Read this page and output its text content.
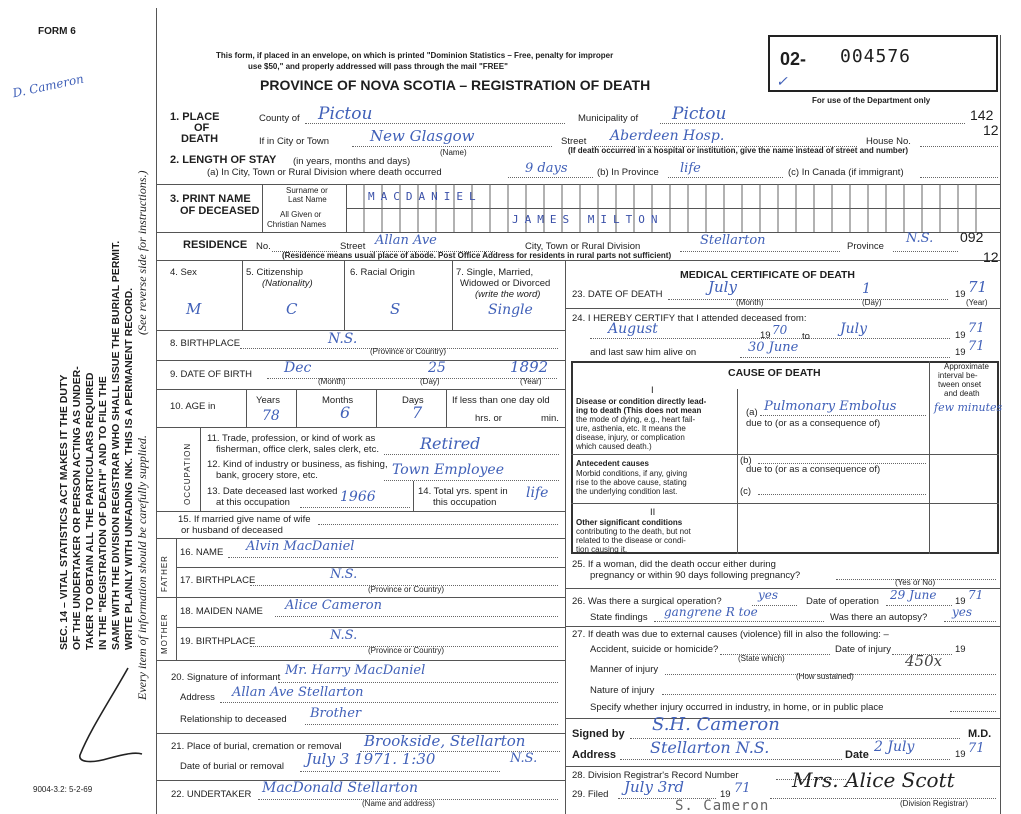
FORM 6
D. Cameron
SEC. 14 – VITAL STATISTICS ACT MAKES IT THE DUTY OF THE UNDERTAKER OR PERSON ACTING AS UNDER- TAKER TO OBTAIN ALL THE PARTICULARS REQUIRED IN THE "REGISTRATION OF DEATH" AND TO FILE THE SAME WITH THE DIVISION REGISTRAR WHO SHALL ISSUE THE BURIAL PERMIT. WRITE PLAINLY WITH UNFADING INK. THIS IS A PERMANENT RECORD. Every item of information should be carefully supplied.
(See reverse side for instructions.)
9004-3.2: 5-2-69
This form, if placed in an envelope, on which is printed "Dominion Statistics – Free, penalty for improper
use $50," and properly addressed will pass through the mail "FREE"
PROVINCE OF NOVA SCOTIA – REGISTRATION OF DEATH
02- 004576
✓
For use of the Department only
142
12
1. PLACE
OF
DEATH
County of Pictou	Municipality of Pictou
If in City or Town	New Glasgow
(Name)
Street Aberdeen Hosp.	House No.
(If death occurred in a hospital or institution, give the name instead of street and number)
2. LENGTH OF STAY (in years, months and days)
(a) In City, Town or Rural Division where death occurred	9 days	(b) In Province life	(c) In Canada (if immigrant)
3. PRINT NAME
OF DECEASED
Surname or
Last Name
All Given or
Christian Names
MACDANIEL
JAMES MILTON
RESIDENCE No.	Street Allan Ave	City, Town or Rural Division	Stellarton	Province
N.S. 092
12
(Residence means usual place of abode. Post Office Address for residents in rural parts not sufficient)
4. Sex
M
5. Citizenship
(Nationality)
C
6. Racial Origin
S
7. Single, Married,
Widowed or Divorced
(write the word)
Single
8. BIRTHPLACE	N.S.
(Province or Country)
9. DATE OF BIRTH Dec	25	1892
(Month)	(Day)	(Year)
10. AGE in
Years
78
Months
6
Days
7
If less than one day old
hrs. or	min.
OCCUPATION
11. Trade, profession, or kind of work as
fisherman, office clerk, sales clerk, etc.	Retired
12. Kind of industry or business, as fishing,
bank, grocery store, etc.	Town Employee
13. Date deceased last worked
at this occupation	1966	14. Total yrs. spent in
this occupation
life
15. If married give name of wife
or husband of deceased
FATHER
16. NAME Alvin MacDaniel
17. BIRTHPLACE	N.S.
(Province or Country)
MOTHER
18. MAIDEN NAME Alice Cameron
19. BIRTHPLACE	N.S.
(Province or Country)
20. Signature of informant Mr. Harry MacDaniel
Address Allan Ave Stellarton
Relationship to deceased Brother
21. Place of burial, cremation or removal Brookside, Stellarton
N.S.
Date of burial or removal July 3 1971. 1:30
22. UNDERTAKER MacDonald Stellarton
(Name and address)
MEDICAL CERTIFICATE OF DEATH
23. DATE OF DEATH	July	1	19 71
(Month)	(Day)	(Year)
24. I HEREBY CERTIFY that I attended deceased from:
August	19 70 to July	19 71
and last saw him alive on	30 June	19 71
CAUSE OF DEATH
Approximate
interval be-
tween onset
and death
I
Disease or condition directly lead-
ing to death (This does not mean
the mode of dying, e.g., heart fail-
ure, asthenia, etc. It means the
disease, injury, or complication
which caused death.)
(a) Pulmonary Embolus	few minutes
due to (or as a consequence of)
Antecedent causes
Morbid conditions, if any, giving
rise to the above cause, stating
the underlying condition last.
(b)
due to (or as a consequence of)
(c)
II
Other significant conditions
contributing to the death, but not
related to the disease or condi-
tion causing it.
25. If a woman, did the death occur either during
pregnancy or within 90 days following pregnancy?
(Yes or No)
26. Was there a surgical operation?	yes	Date of operation 29 June 19 71
State findings gangrene R toe	Was there an autopsy? yes
27. If death was due to external causes (violence) fill in also the following: –
Accident, suicide or homicide?	Date of injury	19
(State which)	450x
Manner of injury
(How sustained)
Nature of injury
Specify whether injury occurred in industry, in home, or in public place
Signed by S.H. Cameron	M.D.
Address Stellarton N.S.	Date 2 July	19 71
28. Division Registrar's Record Number
29. Filed July 3rd	19 71 Mrs. Alice Scott
(Division Registrar)
S. Cameron
